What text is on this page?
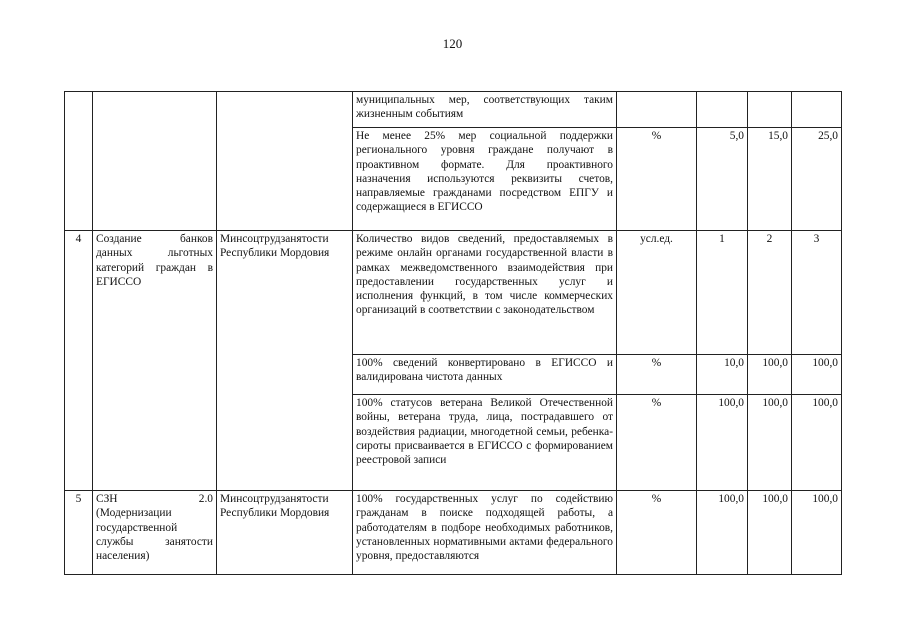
120
			муниципальных мер, соответствующих таким жизненным событиям				
			Не менее 25% мер социальной поддержки регионального уровня граждане получают в проактивном формате. Для проактивного назначения используются реквизиты счетов, направляемые гражданами посредством ЕПГУ и содержащиеся в ЕГИССО	%	5,0	15,0	25,0
4	Создание банков данных льготных категорий граждан в ЕГИССО	Минсоцтрудзанятости Республики Мордовия	Количество видов сведений, предоставляемых в режиме онлайн органами государственной власти в рамках межведомственного взаимодействия при предоставлении государственных услуг и исполнения функций, в том числе коммерческих организаций в соответствии с законодательством	усл.ед.	1	2	3
			100% сведений конвертировано в ЕГИССО и валидирована чистота данных	%	10,0	100,0	100,0
			100% статусов ветерана Великой Отечественной войны, ветерана труда, лица, пострадавшего от воздействия радиации, многодетной семьи, ребенка-сироты присваивается в ЕГИССО с формированием реестровой записи	%	100,0	100,0	100,0
5	СЗН 2.0 (Модернизации государственной службы занятости населения)	Минсоцтрудзанятости Республики Мордовия	100% государственных услуг по содействию гражданам в поиске подходящей работы, а работодателям в подборе необходимых работников, установленных нормативными актами федерального уровня, предоставляются	%	100,0	100,0	100,0
